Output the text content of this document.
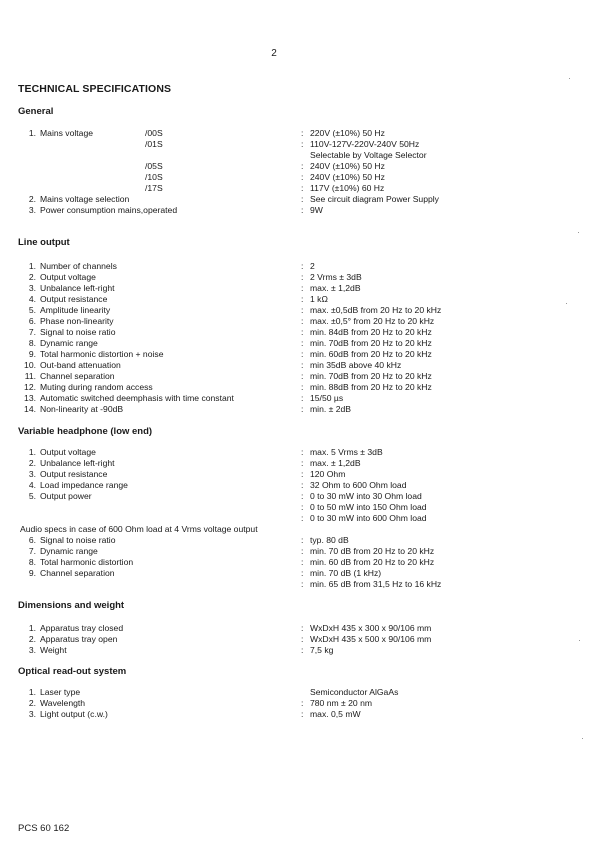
2
TECHNICAL SPECIFICATIONS
General
1. Mains voltage	/00S	: 220V (±10%) 50 Hz
/01S	: 110V-127V-220V-240V 50Hz
Selectable by Voltage Selector
/05S	: 240V (±10%) 50 Hz
/10S	: 240V (±10%) 50 Hz
/17S	: 117V (±10%) 60 Hz
2. Mains voltage selection	: See circuit diagram Power Supply
3. Power consumption mains,operated	: 9W
Line output
1. Number of channels	: 2
2. Output voltage	: 2 Vrms ± 3dB
3. Unbalance left-right	: max. ± 1,2dB
4. Output resistance	: 1 kΩ
5. Amplitude linearity	: max. ±0,5dB from 20 Hz to 20 kHz
6. Phase non-linearity	: max. ±0,5° from 20 Hz to 20 kHz
7. Signal to noise ratio	: min. 84dB from 20 Hz to 20 kHz
8. Dynamic range	: min. 70dB from 20 Hz to 20 kHz
9. Total harmonic distortion + noise	: min. 60dB from 20 Hz to 20 kHz
10. Out-band attenuation	: min 35dB above 40 kHz
11. Channel separation	: min. 70dB from 20 Hz to 20 kHz
12. Muting during random access	: min. 88dB from 20 Hz to 20 kHz
13. Automatic switched deemphasis with time constant	: 15/50 µs
14. Non-linearity at -90dB	: min. ± 2dB
Variable headphone (low end)
1. Output voltage	: max. 5 Vrms ± 3dB
2. Unbalance left-right	: max. ± 1,2dB
3. Output resistance	: 120 Ohm
4. Load impedance range	: 32 Ohm to 600 Ohm load
5. Output power	: 0 to 30 mW into 30 Ohm load
: 0 to 50 mW into 150 Ohm load
: 0 to 30 mW into 600 Ohm load
Audio specs in case of 600 Ohm load at 4 Vrms voltage output
6. Signal to noise ratio	: typ. 80 dB
7. Dynamic range	: min. 70 dB from 20 Hz to 20 kHz
8. Total harmonic distortion	: min. 60 dB from 20 Hz to 20 kHz
9. Channel separation	: min. 70 dB (1 kHz)
: min. 65 dB from 31,5 Hz to 16 kHz
Dimensions and weight
1. Apparatus tray closed	: WxDxH 435 x 300 x 90/106 mm
2. Apparatus tray open	: WxDxH 435 x 500 x 90/106 mm
3. Weight	: 7,5 kg
Optical read-out system
1. Laser type	Semiconductor AlGaAs
2. Wavelength	: 780 nm ± 20 nm
3. Light output (c.w.)	: max. 0,5 mW
PCS 60 162
